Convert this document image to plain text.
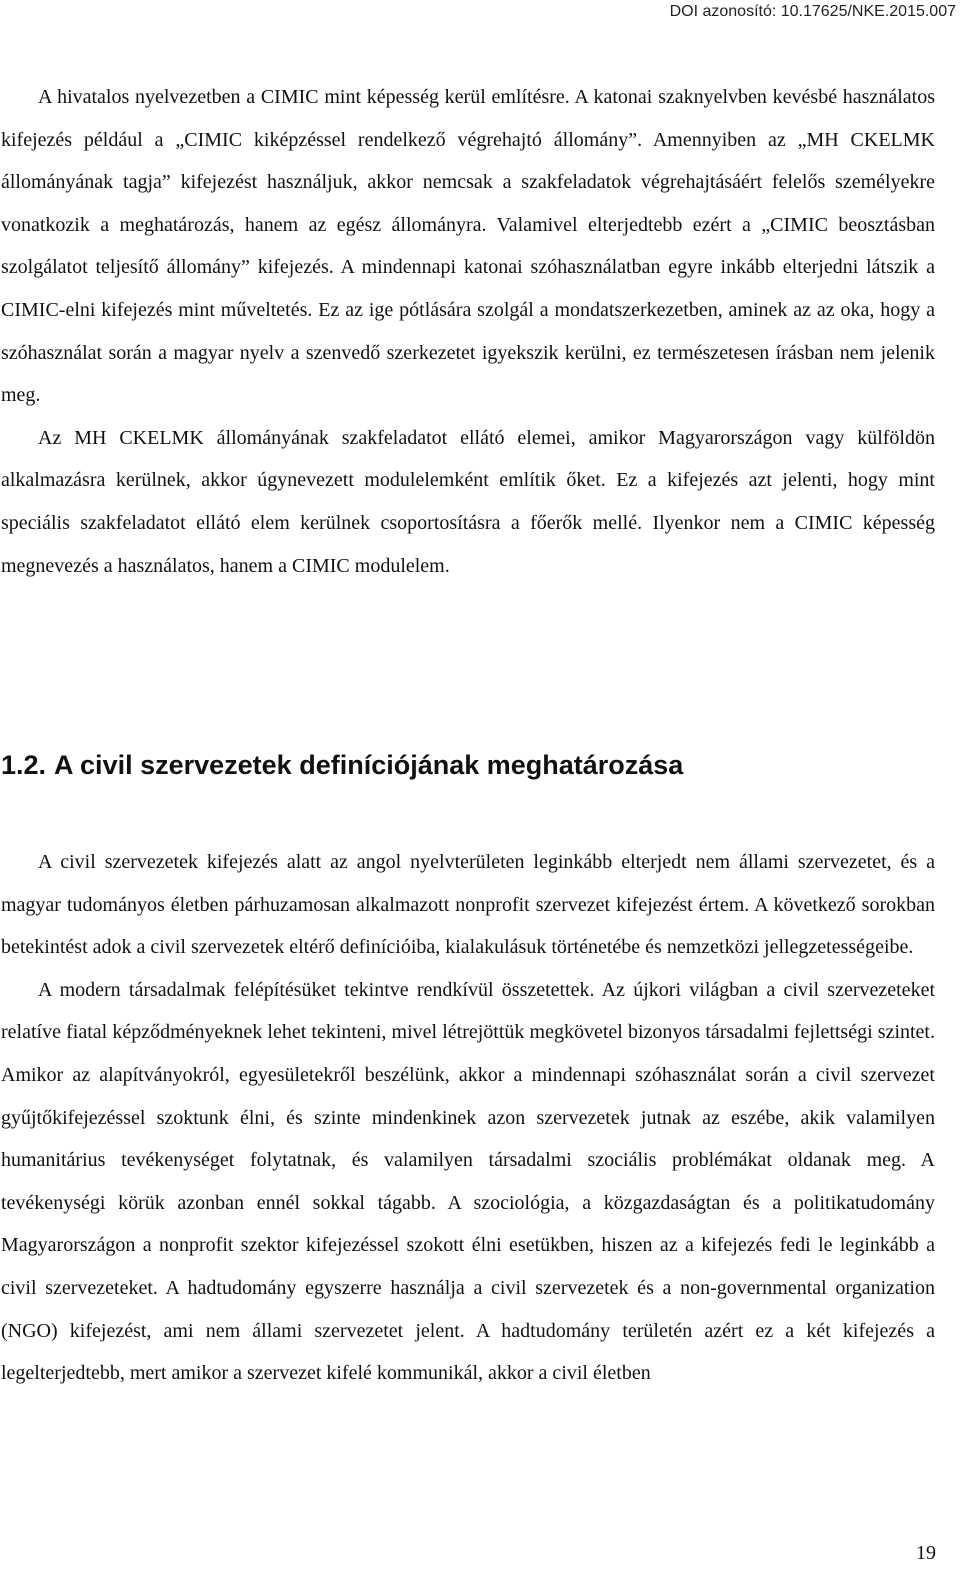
DOI azonosító: 10.17625/NKE.2015.007

A hivatalos nyelvezetben a CIMIC mint képesség kerül említésre. A katonai szaknyelvben kevésbé használatos kifejezés például a „CIMIC kiképzéssel rendelkező végrehajtó állomány”. Amennyiben az „MH CKELMK állományának tagja” kifejezést használjuk, akkor nemcsak a szakfeladatok végrehajtásáért felelős személyekre vonatkozik a meghatározás, hanem az egész állományra. Valamivel elterjedtebb ezért a „CIMIC beosztásban szolgálatot teljesítő állomány” kifejezés. A mindennapi katonai szóhasználatban egyre inkább elterjedni látszik a CIMIC-elni kifejezés mint műveltetés. Ez az ige pótlására szolgál a mondatszerkezetben, aminek az az oka, hogy a szóhasználat során a magyar nyelv a szenvedő szerkezetet igyekszik kerülni, ez természetesen írásban nem jelenik meg.

Az MH CKELMK állományának szakfeladatot ellátó elemei, amikor Magyarországon vagy külföldön alkalmazásra kerülnek, akkor úgynevezett modulelemként említik őket. Ez a kifejezés azt jelenti, hogy mint speciális szakfeladatot ellátó elem kerülnek csoportosításra a főerők mellé. Ilyenkor nem a CIMIC képesség megnevezés a használatos, hanem a CIMIC modulelem.

1.2. A civil szervezetek definíciójának meghatározása

A civil szervezetek kifejezés alatt az angol nyelvterületen leginkább elterjedt nem állami szervezetet, és a magyar tudományos életben párhuzamosan alkalmazott nonprofit szervezet kifejezést értem. A következő sorokban betekintést adok a civil szervezetek eltérő definícióiba, kialakulásuk történetébe és nemzetközi jellegzetességeibe.

A modern társadalmak felépítésüket tekintve rendkívül összetettek. Az újkori világban a civil szervezeteket relatíve fiatal képződményeknek lehet tekinteni, mivel létrejöttük megkövetel bizonyos társadalmi fejlettségi szintet. Amikor az alapítványokról, egyesületekről beszélünk, akkor a mindennapi szóhasználat során a civil szervezet gyűjtőkifejezéssel szoktunk élni, és szinte mindenkinek azon szervezetek jutnak az eszébe, akik valamilyen humanitárius tevékenységet folytatnak, és valamilyen társadalmi szociális problémákat oldanak meg. A tevékenységi körük azonban ennél sokkal tágabb. A szociológia, a közgazdaságtan és a politikatudomány Magyarországon a nonprofit szektor kifejezéssel szokott élni esetükben, hiszen az a kifejezés fedi le leginkább a civil szervezeteket. A hadtudomány egyszerre használja a civil szervezetek és a non-governmental organization (NGO) kifejezést, ami nem állami szervezetet jelent. A hadtudomány területén azért ez a két kifejezés a legelterjedtebb, mert amikor a szervezet kifelé kommunikál, akkor a civil életben

19
